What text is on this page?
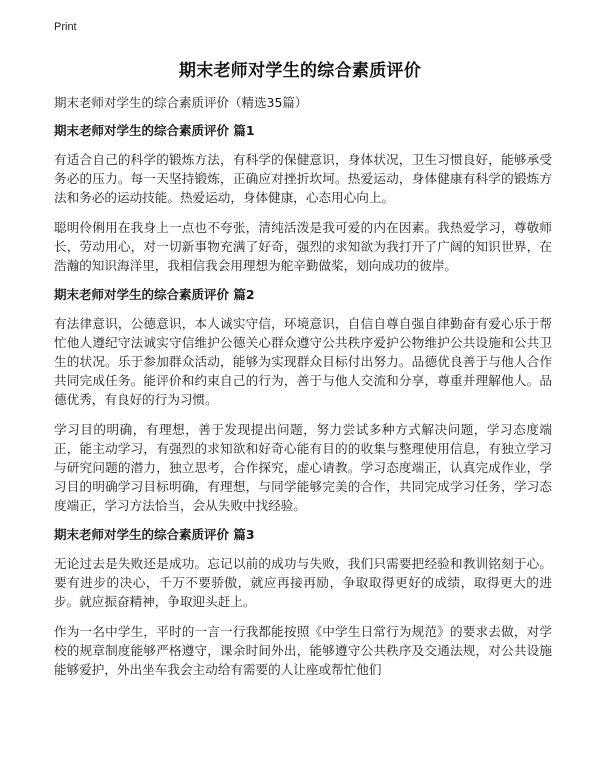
Print
期末老师对学生的综合素质评价

期末老师对学生的综合素质评价（精选35篇）

期末老师对学生的综合素质评价 篇1

有适合自己的科学的锻炼方法，有科学的保健意识，身体状况，卫生习惯良好，能够承受务必的压力。每一天坚持锻炼，正确应对挫折坎坷。热爱运动，身体健康有科学的锻炼方法和务必的运动技能。热爱运动，身体健康，心态用心向上。

聪明伶俐用在我身上一点也不夸张，清纯活泼是我可爱的内在因素。我热爱学习，尊敬师长，劳动用心，对一切新事物充满了好奇，强烈的求知欲为我打开了广阔的知识世界，在浩瀚的知识海洋里，我相信我会用理想为舵辛勤做桨，划向成功的彼岸。

期末老师对学生的综合素质评价 篇2

有法律意识，公德意识，本人诚实守信，环境意识，自信自尊自强自律勤奋有爱心乐于帮忙他人遵纪守法诚实守信维护公德关心群众遵守公共秩序爱护公物维护公共设施和公共卫生的状况。乐于参加群众活动，能够为实现群众目标付出努力。品德优良善于与他人合作共同完成任务。能评价和约束自己的行为，善于与他人交流和分享，尊重并理解他人。品德优秀，有良好的行为习惯。

学习目的明确，有理想，善于发现提出问题，努力尝试多种方式解决问题，学习态度端正，能主动学习，有强烈的求知欲和好奇心能有目的的收集与整理使用信息，有独立学习与研究问题的潜力，独立思考，合作探究，虚心请教。学习态度端正，认真完成作业，学习目的明确学习目标明确，有理想，与同学能够完美的合作，共同完成学习任务，学习态度端正，学习方法恰当，会从失败中找经验。

期末老师对学生的综合素质评价 篇3

无论过去是失败还是成功。忘记以前的成功与失败，我们只需要把经验和教训铭刻于心。要有进步的决心，千万不要骄傲，就应再接再励，争取取得更好的成绩，取得更大的进步。就应振奋精神，争取迎头赶上。

作为一名中学生，平时的一言一行我都能按照《中学生日常行为规范》的要求去做，对学校的规章制度能够严格遵守，课余时间外出，能够遵守公共秩序及交通法规，对公共设施能够爱护，外出坐车我会主动给有需要的人让座或帮忙他们
